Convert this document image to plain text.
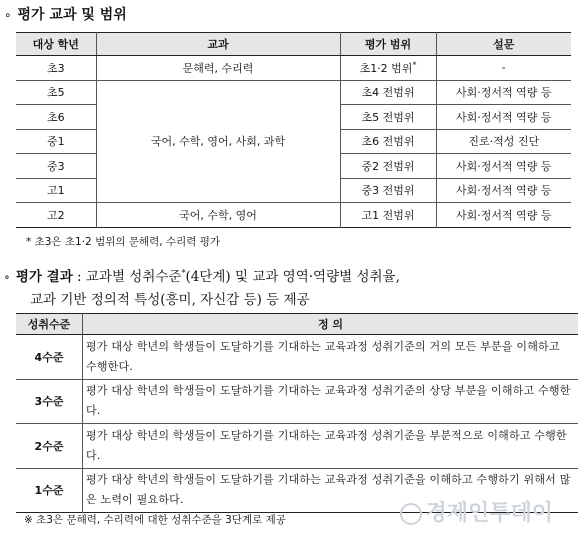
∘ 평가 교과 및 범위
대상 학년	교과	평가 범위	설문
초3	문해력, 수리력	초1·2 범위*	-
초5	국어, 수학, 영어, 사회, 과학	초4 전범위	사회·정서적 역량 등
초6		초5 전범위	사회·정서적 역량 등
중1		초6 전범위	진로·적성 진단
중3		중2 전범위	사회·정서적 역량 등
고1		중3 전범위	사회·정서적 역량 등
고2	국어, 수학, 영어	고1 전범위	사회·정서적 역량 등
* 초3은 초1·2 범위의 문해력, 수리력 평가
∘ 평가 결과 : 교과별 성취수준*(4단계) 및 교과 영역·역량별 성취율,
교과 기반 정의적 특성(흥미, 자신감 등) 등 제공
성취수준	정 의
4수준	평가 대상 학년의 학생들이 도달하기를 기대하는 교육과정 성취기준의 거의 모든 부분을 이해하고 수행한다.
3수준	평가 대상 학년의 학생들이 도달하기를 기대하는 교육과정 성취기준의 상당 부분을 이해하고 수행한다.
2수준	평가 대상 학년의 학생들이 도달하기를 기대하는 교육과정 성취기준을 부분적으로 이해하고 수행한다.
1수준	평가 대상 학년의 학생들이 도달하기를 기대하는 교육과정 성취기준을 이해하고 수행하기 위해서 많은 노력이 필요하다.
※ 초3은 문해력, 수리력에 대한 성취수준을 3단계로 제공	경제인투데이
